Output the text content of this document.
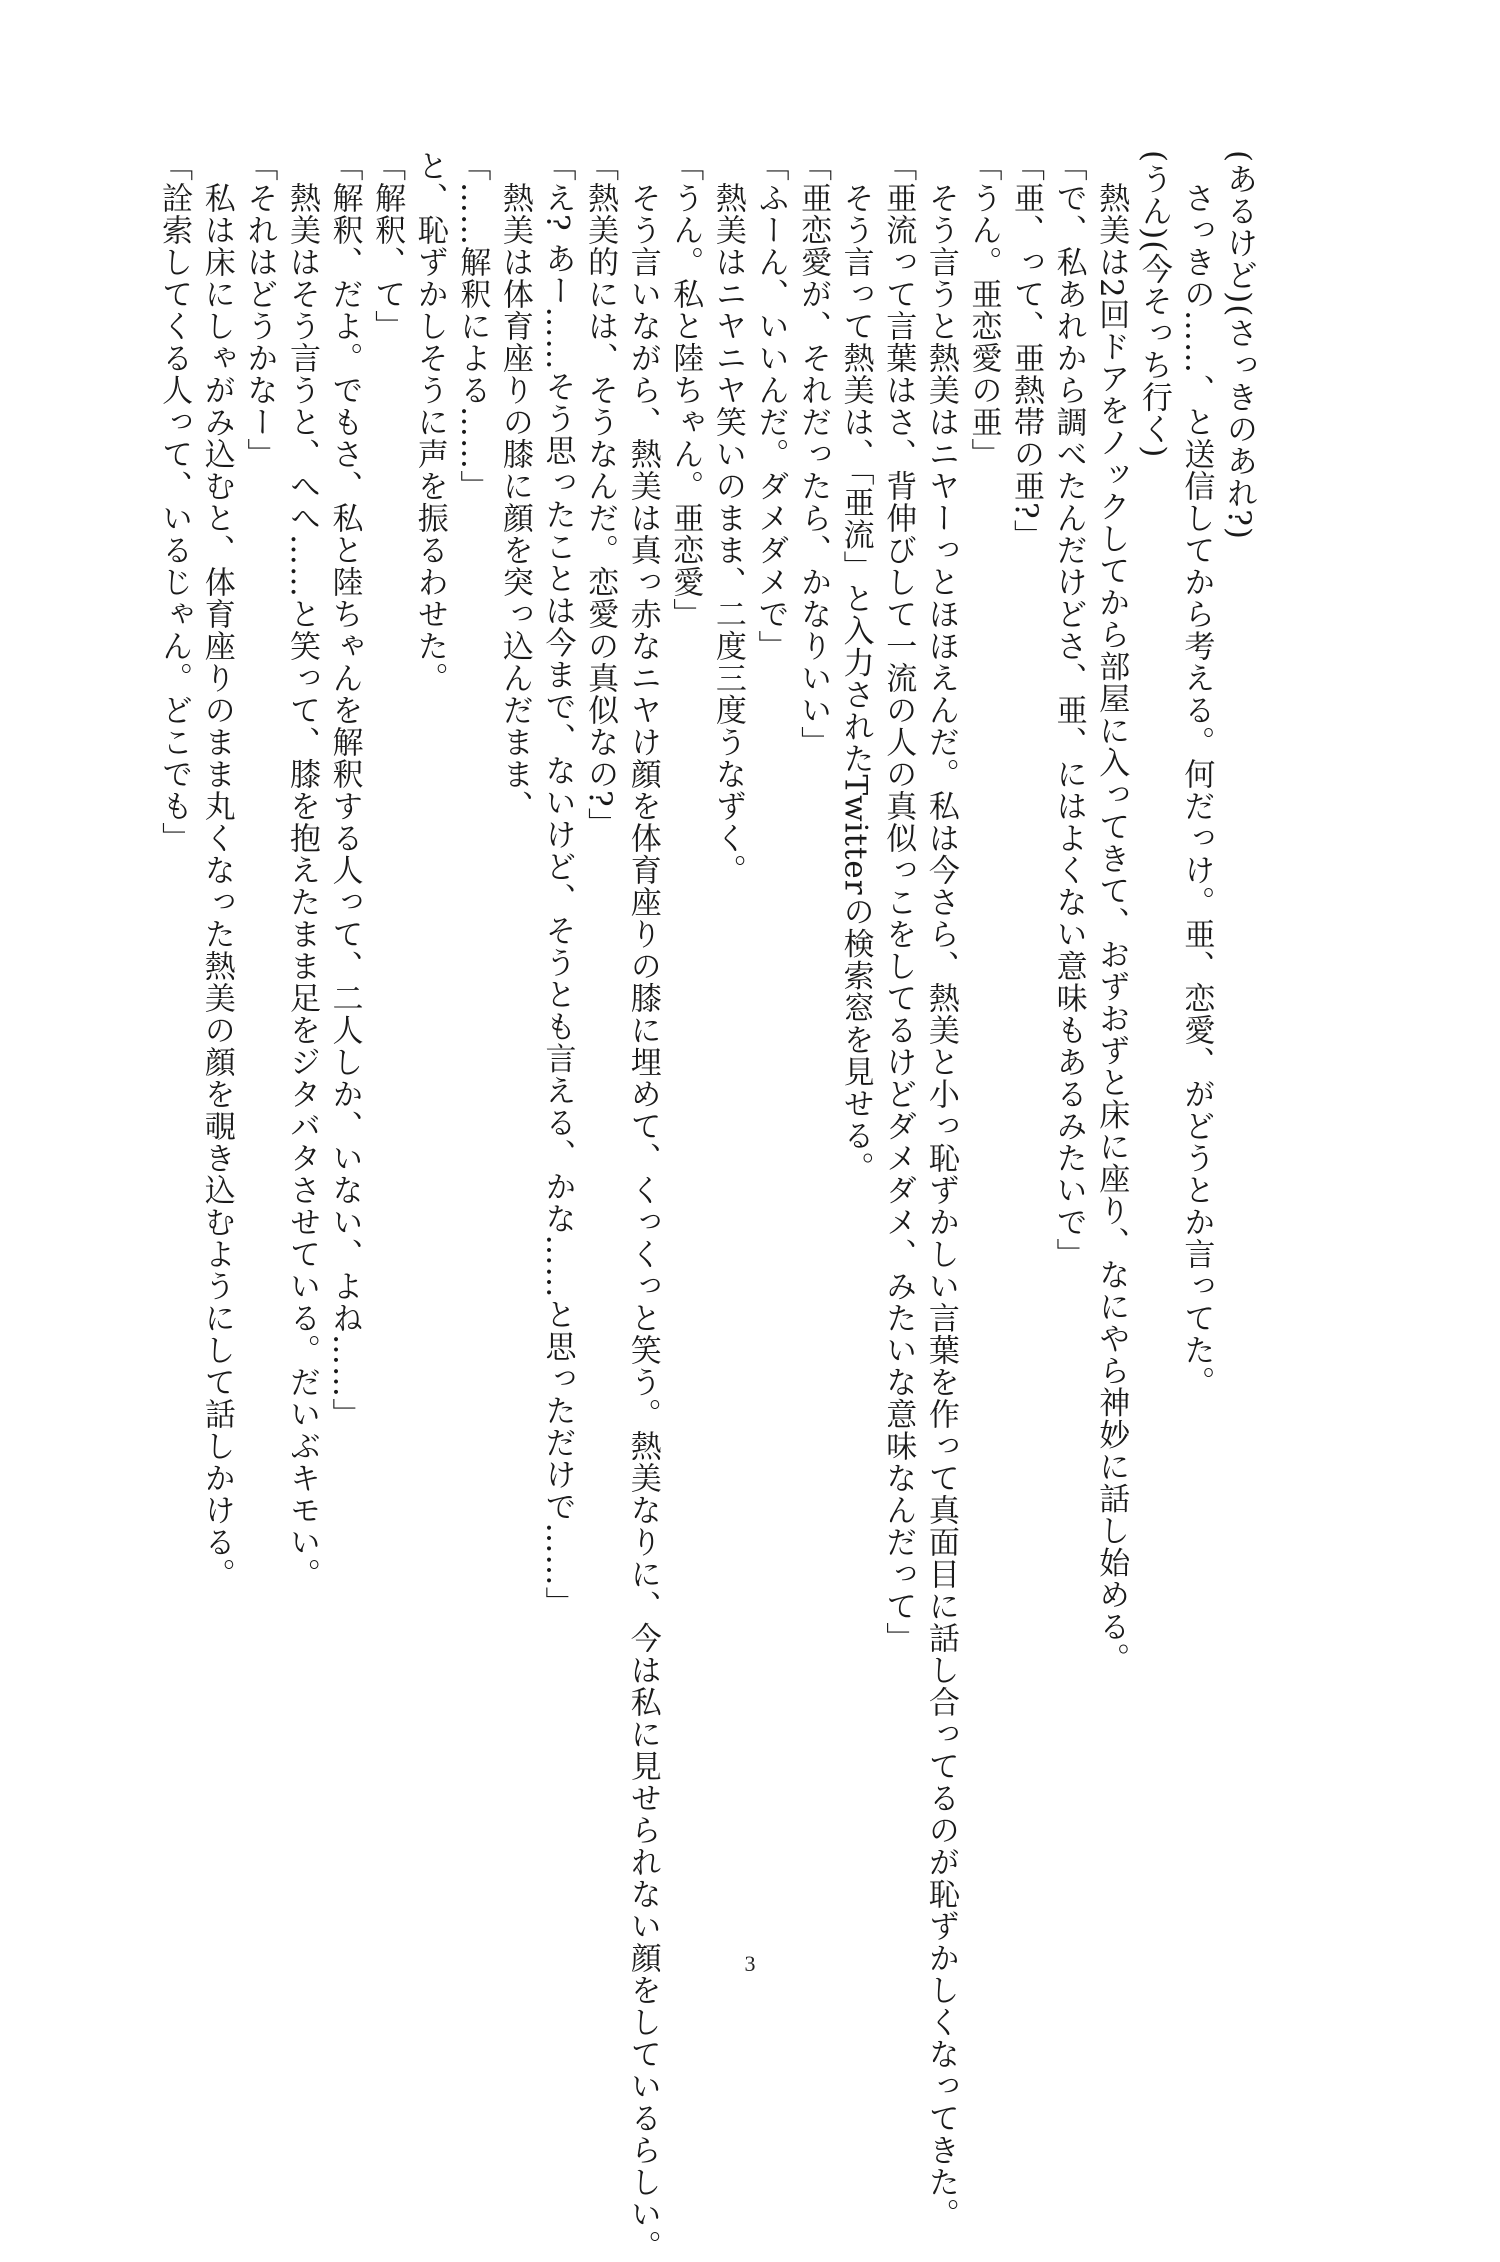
(あるけど)(さっきのあれ?)
　さっきの……、と送信してから考える。何だっけ。亜、恋愛、がどうとか言ってた。
(うん)(今そっち行く)
　熱美は2回ドアをノックしてから部屋に入ってきて、おずおずと床に座り、なにやら神妙に話し始める。
「で、私あれから調べたんだけどさ、亜、にはよくない意味もあるみたいで」
「亜、って、亜熱帯の亜?」
「うん。亜恋愛の亜」
　そう言うと熱美はニヤーっとほほえんだ。私は今さら、熱美と小っ恥ずかしい言葉を作って真面目に話し合ってるのが恥ずかしくなってきた。
「亜流って言葉はさ、背伸びして一流の人の真似っこをしてるけどダメダメ、みたいな意味なんだって」
　そう言って熱美は、「亜流」と入力されたTwitterの検索窓を見せる。
「亜恋愛が、それだったら、かなりいい」
「ふーん、いいんだ。ダメダメで」
　熱美はニヤニヤ笑いのまま、二度三度うなずく。
「うん。私と陸ちゃん。亜恋愛」
　そう言いながら、熱美は真っ赤なニヤけ顔を体育座りの膝に埋めて、くっくっと笑う。熱美なりに、今は私に見せられない顔をしているらしい。
「熱美的には、そうなんだ。恋愛の真似なの?」
「え? あー……そう思ったことは今まで、ないけど、そうとも言える、かな……と思っただけで……」
　熱美は体育座りの膝に顔を突っ込んだまま、
「……解釈による……」
と、恥ずかしそうに声を振るわせた。
「解釈、て」
「解釈、だよ。でもさ、私と陸ちゃんを解釈する人って、二人しか、いない、よね……」
　熱美はそう言うと、へへ……と笑って、膝を抱えたまま足をジタバタさせている。だいぶキモい。
「それはどうかなー」
　私は床にしゃがみ込むと、体育座りのまま丸くなった熱美の顔を覗き込むようにして話しかける。
「詮索してくる人って、いるじゃん。どこでも」
3
